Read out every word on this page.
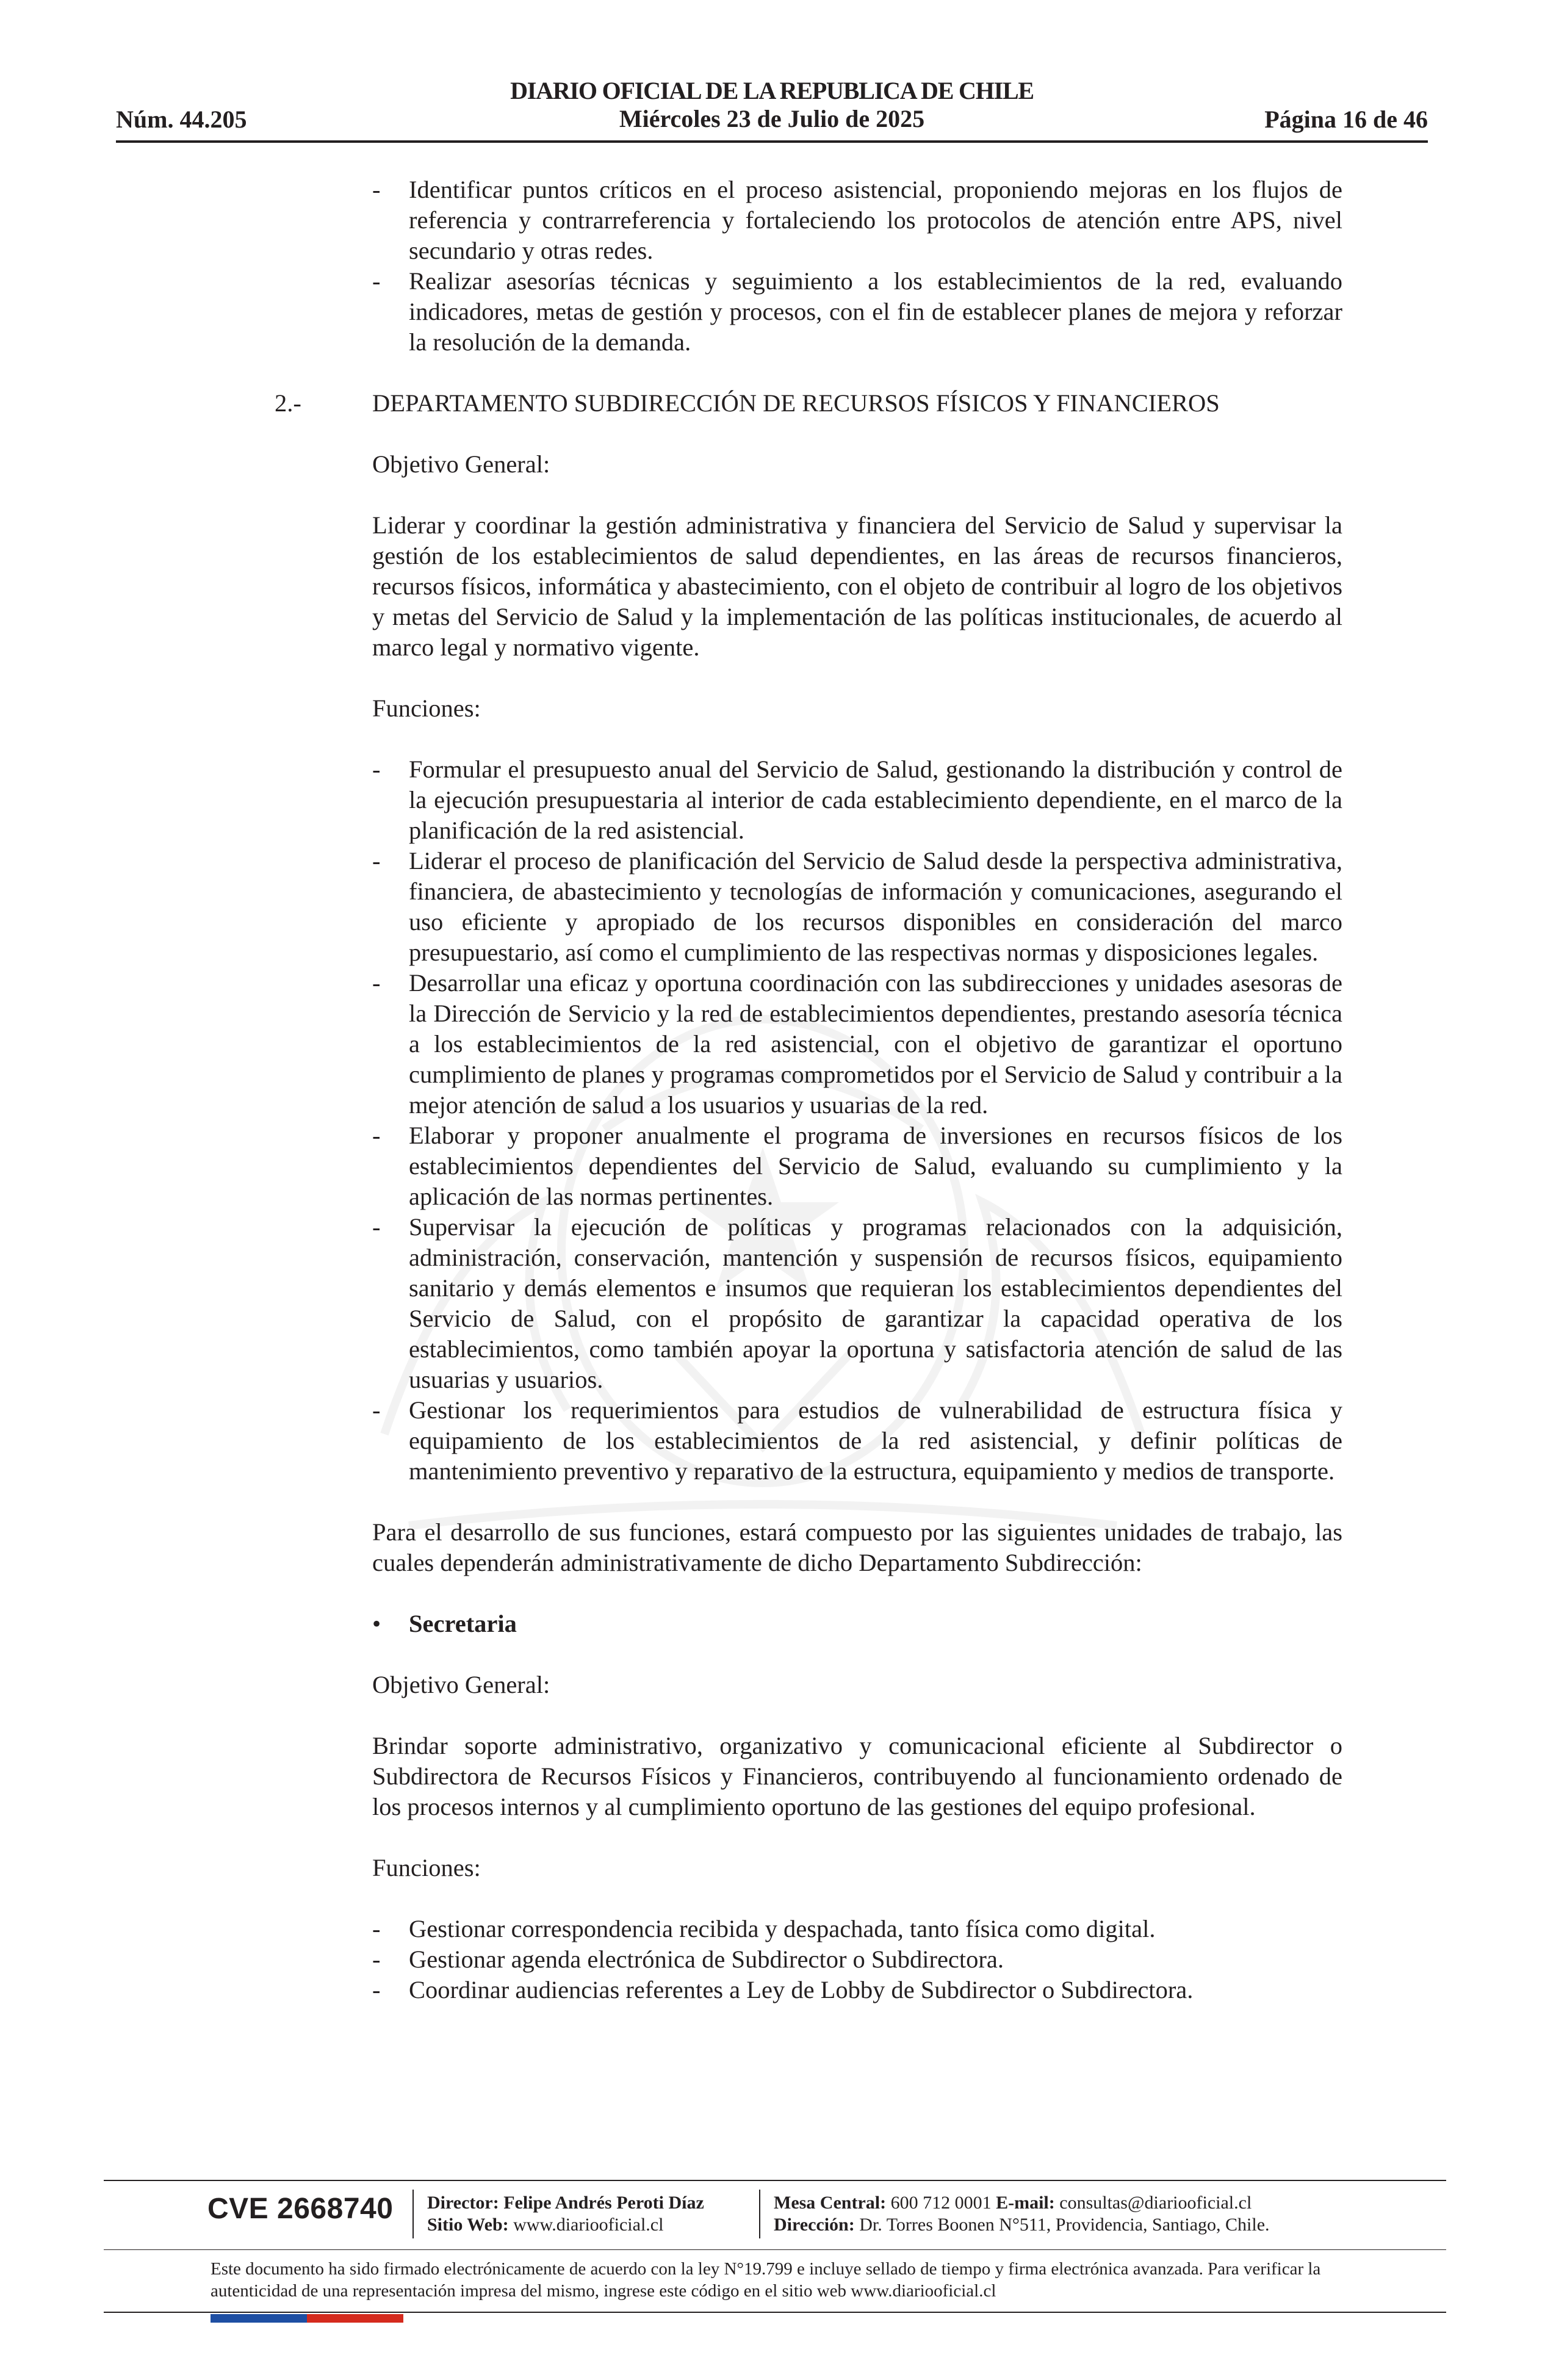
DIARIO OFICIAL DE LA REPUBLICA DE CHILE
Miércoles 23 de Julio de 2025
Núm. 44.205	Página 16 de 46
- Identificar puntos críticos en el proceso asistencial, proponiendo mejoras en los flujos de referencia y contrarreferencia y fortaleciendo los protocolos de atención entre APS, nivel secundario y otras redes.
- Realizar asesorías técnicas y seguimiento a los establecimientos de la red, evaluando indicadores, metas de gestión y procesos, con el fin de establecer planes de mejora y reforzar la resolución de la demanda.

2.-	DEPARTAMENTO SUBDIRECCIÓN DE RECURSOS FÍSICOS Y FINANCIEROS

Objetivo General:

Liderar y coordinar la gestión administrativa y financiera del Servicio de Salud y supervisar la gestión de los establecimientos de salud dependientes, en las áreas de recursos financieros, recursos físicos, informática y abastecimiento, con el objeto de contribuir al logro de los objetivos y metas del Servicio de Salud y la implementación de las políticas institucionales, de acuerdo al marco legal y normativo vigente.

Funciones:

- Formular el presupuesto anual del Servicio de Salud, gestionando la distribución y control de la ejecución presupuestaria al interior de cada establecimiento dependiente, en el marco de la planificación de la red asistencial.
- Liderar el proceso de planificación del Servicio de Salud desde la perspectiva administrativa, financiera, de abastecimiento y tecnologías de información y comunicaciones, asegurando el uso eficiente y apropiado de los recursos disponibles en consideración del marco presupuestario, así como el cumplimiento de las respectivas normas y disposiciones legales.
- Desarrollar una eficaz y oportuna coordinación con las subdirecciones y unidades asesoras de la Dirección de Servicio y la red de establecimientos dependientes, prestando asesoría técnica a los establecimientos de la red asistencial, con el objetivo de garantizar el oportuno cumplimiento de planes y programas comprometidos por el Servicio de Salud y contribuir a la mejor atención de salud a los usuarios y usuarias de la red.
- Elaborar y proponer anualmente el programa de inversiones en recursos físicos de los establecimientos dependientes del Servicio de Salud, evaluando su cumplimiento y la aplicación de las normas pertinentes.
- Supervisar la ejecución de políticas y programas relacionados con la adquisición, administración, conservación, mantención y suspensión de recursos físicos, equipamiento sanitario y demás elementos e insumos que requieran los establecimientos dependientes del Servicio de Salud, con el propósito de garantizar la capacidad operativa de los establecimientos, como también apoyar la oportuna y satisfactoria atención de salud de las usuarias y usuarios.
- Gestionar los requerimientos para estudios de vulnerabilidad de estructura física y equipamiento de los establecimientos de la red asistencial, y definir políticas de mantenimiento preventivo y reparativo de la estructura, equipamiento y medios de transporte.

Para el desarrollo de sus funciones, estará compuesto por las siguientes unidades de trabajo, las cuales dependerán administrativamente de dicho Departamento Subdirección:

• Secretaria

Objetivo General:

Brindar soporte administrativo, organizativo y comunicacional eficiente al Subdirector o Subdirectora de Recursos Físicos y Financieros, contribuyendo al funcionamiento ordenado de los procesos internos y al cumplimiento oportuno de las gestiones del equipo profesional.

Funciones:

- Gestionar correspondencia recibida y despachada, tanto física como digital.
- Gestionar agenda electrónica de Subdirector o Subdirectora.
- Coordinar audiencias referentes a Ley de Lobby de Subdirector o Subdirectora.
CVE 2668740 Director: Felipe Andrés Peroti Díaz
Sitio Web: www.diariooficial.cl
Mesa Central: 600 712 0001 E-mail: consultas@diariooficial.cl
Dirección: Dr. Torres Boonen N°511, Providencia, Santiago, Chile.
Este documento ha sido firmado electrónicamente de acuerdo con la ley N°19.799 e incluye sellado de tiempo y firma electrónica avanzada. Para verificar la autenticidad de una representación impresa del mismo, ingrese este código en el sitio web www.diariooficial.cl
